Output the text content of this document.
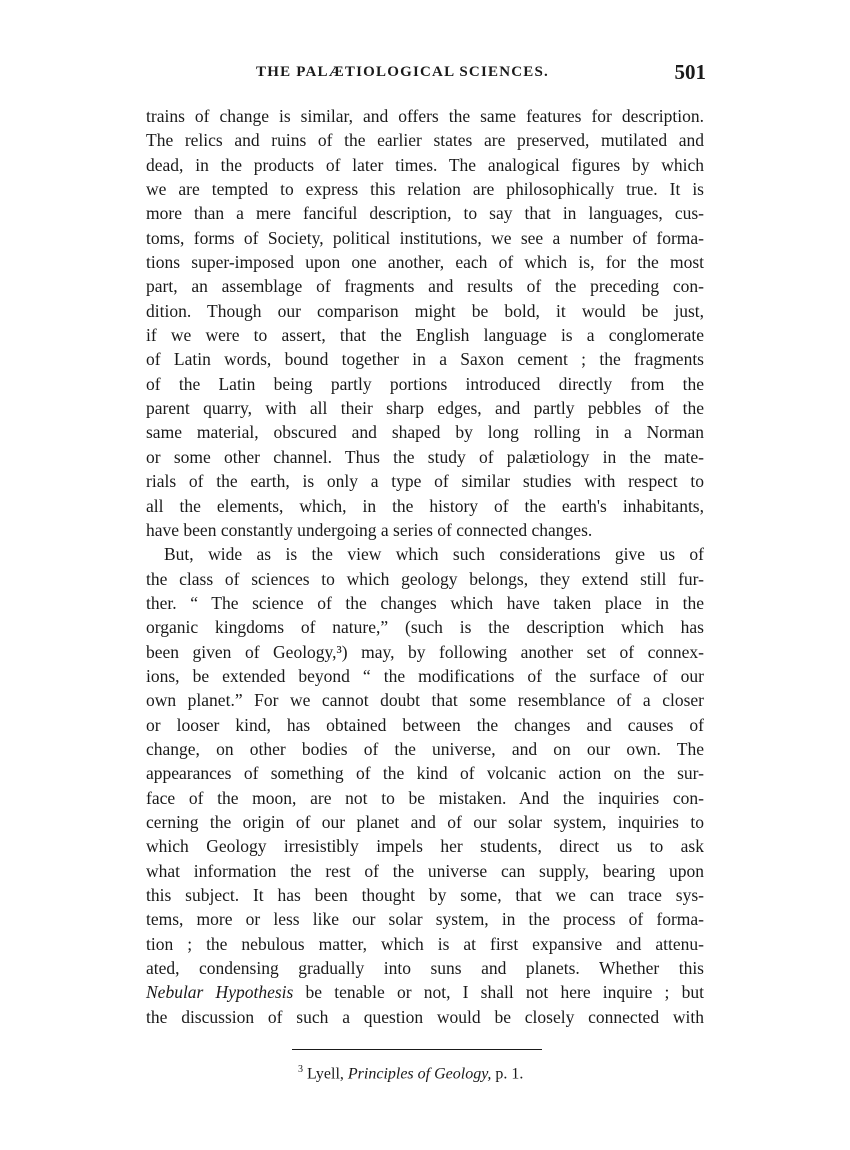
THE PALÆTIOLOGICAL SCIENCES.	501
trains of change is similar, and offers the same features for description.
The relics and ruins of the earlier states are preserved, mutilated and
dead, in the products of later times. The analogical figures by which
we are tempted to express this relation are philosophically true. It is
more than a mere fanciful description, to say that in languages, cus-
toms, forms of Society, political institutions, we see a number of forma-
tions super-imposed upon one another, each of which is, for the most
part, an assemblage of fragments and results of the preceding con-
dition. Though our comparison might be bold, it would be just,
if we were to assert, that the English language is a conglomerate
of Latin words, bound together in a Saxon cement ; the fragments
of the Latin being partly portions introduced directly from the
parent quarry, with all their sharp edges, and partly pebbles of the
same material, obscured and shaped by long rolling in a Norman
or some other channel. Thus the study of palætiology in the mate-
rials of the earth, is only a type of similar studies with respect to
all the elements, which, in the history of the earth's inhabitants,
have been constantly undergoing a series of connected changes.
But, wide as is the view which such considerations give us of
the class of sciences to which geology belongs, they extend still fur-
ther. “ The science of the changes which have taken place in the
organic kingdoms of nature,” (such is the description which has
been given of Geology,³) may, by following another set of connex-
ions, be extended beyond “ the modifications of the surface of our
own planet.” For we cannot doubt that some resemblance of a closer
or looser kind, has obtained between the changes and causes of
change, on other bodies of the universe, and on our own. The
appearances of something of the kind of volcanic action on the sur-
face of the moon, are not to be mistaken. And the inquiries con-
cerning the origin of our planet and of our solar system, inquiries to
which Geology irresistibly impels her students, direct us to ask
what information the rest of the universe can supply, bearing upon
this subject. It has been thought by some, that we can trace sys-
tems, more or less like our solar system, in the process of forma-
tion ; the nebulous matter, which is at first expansive and attenu-
ated, condensing gradually into suns and planets. Whether this
Nebular Hypothesis be tenable or not, I shall not here inquire ; but
the discussion of such a question would be closely connected with
$^3$ Lyell, Principles of Geology, p. 1.
